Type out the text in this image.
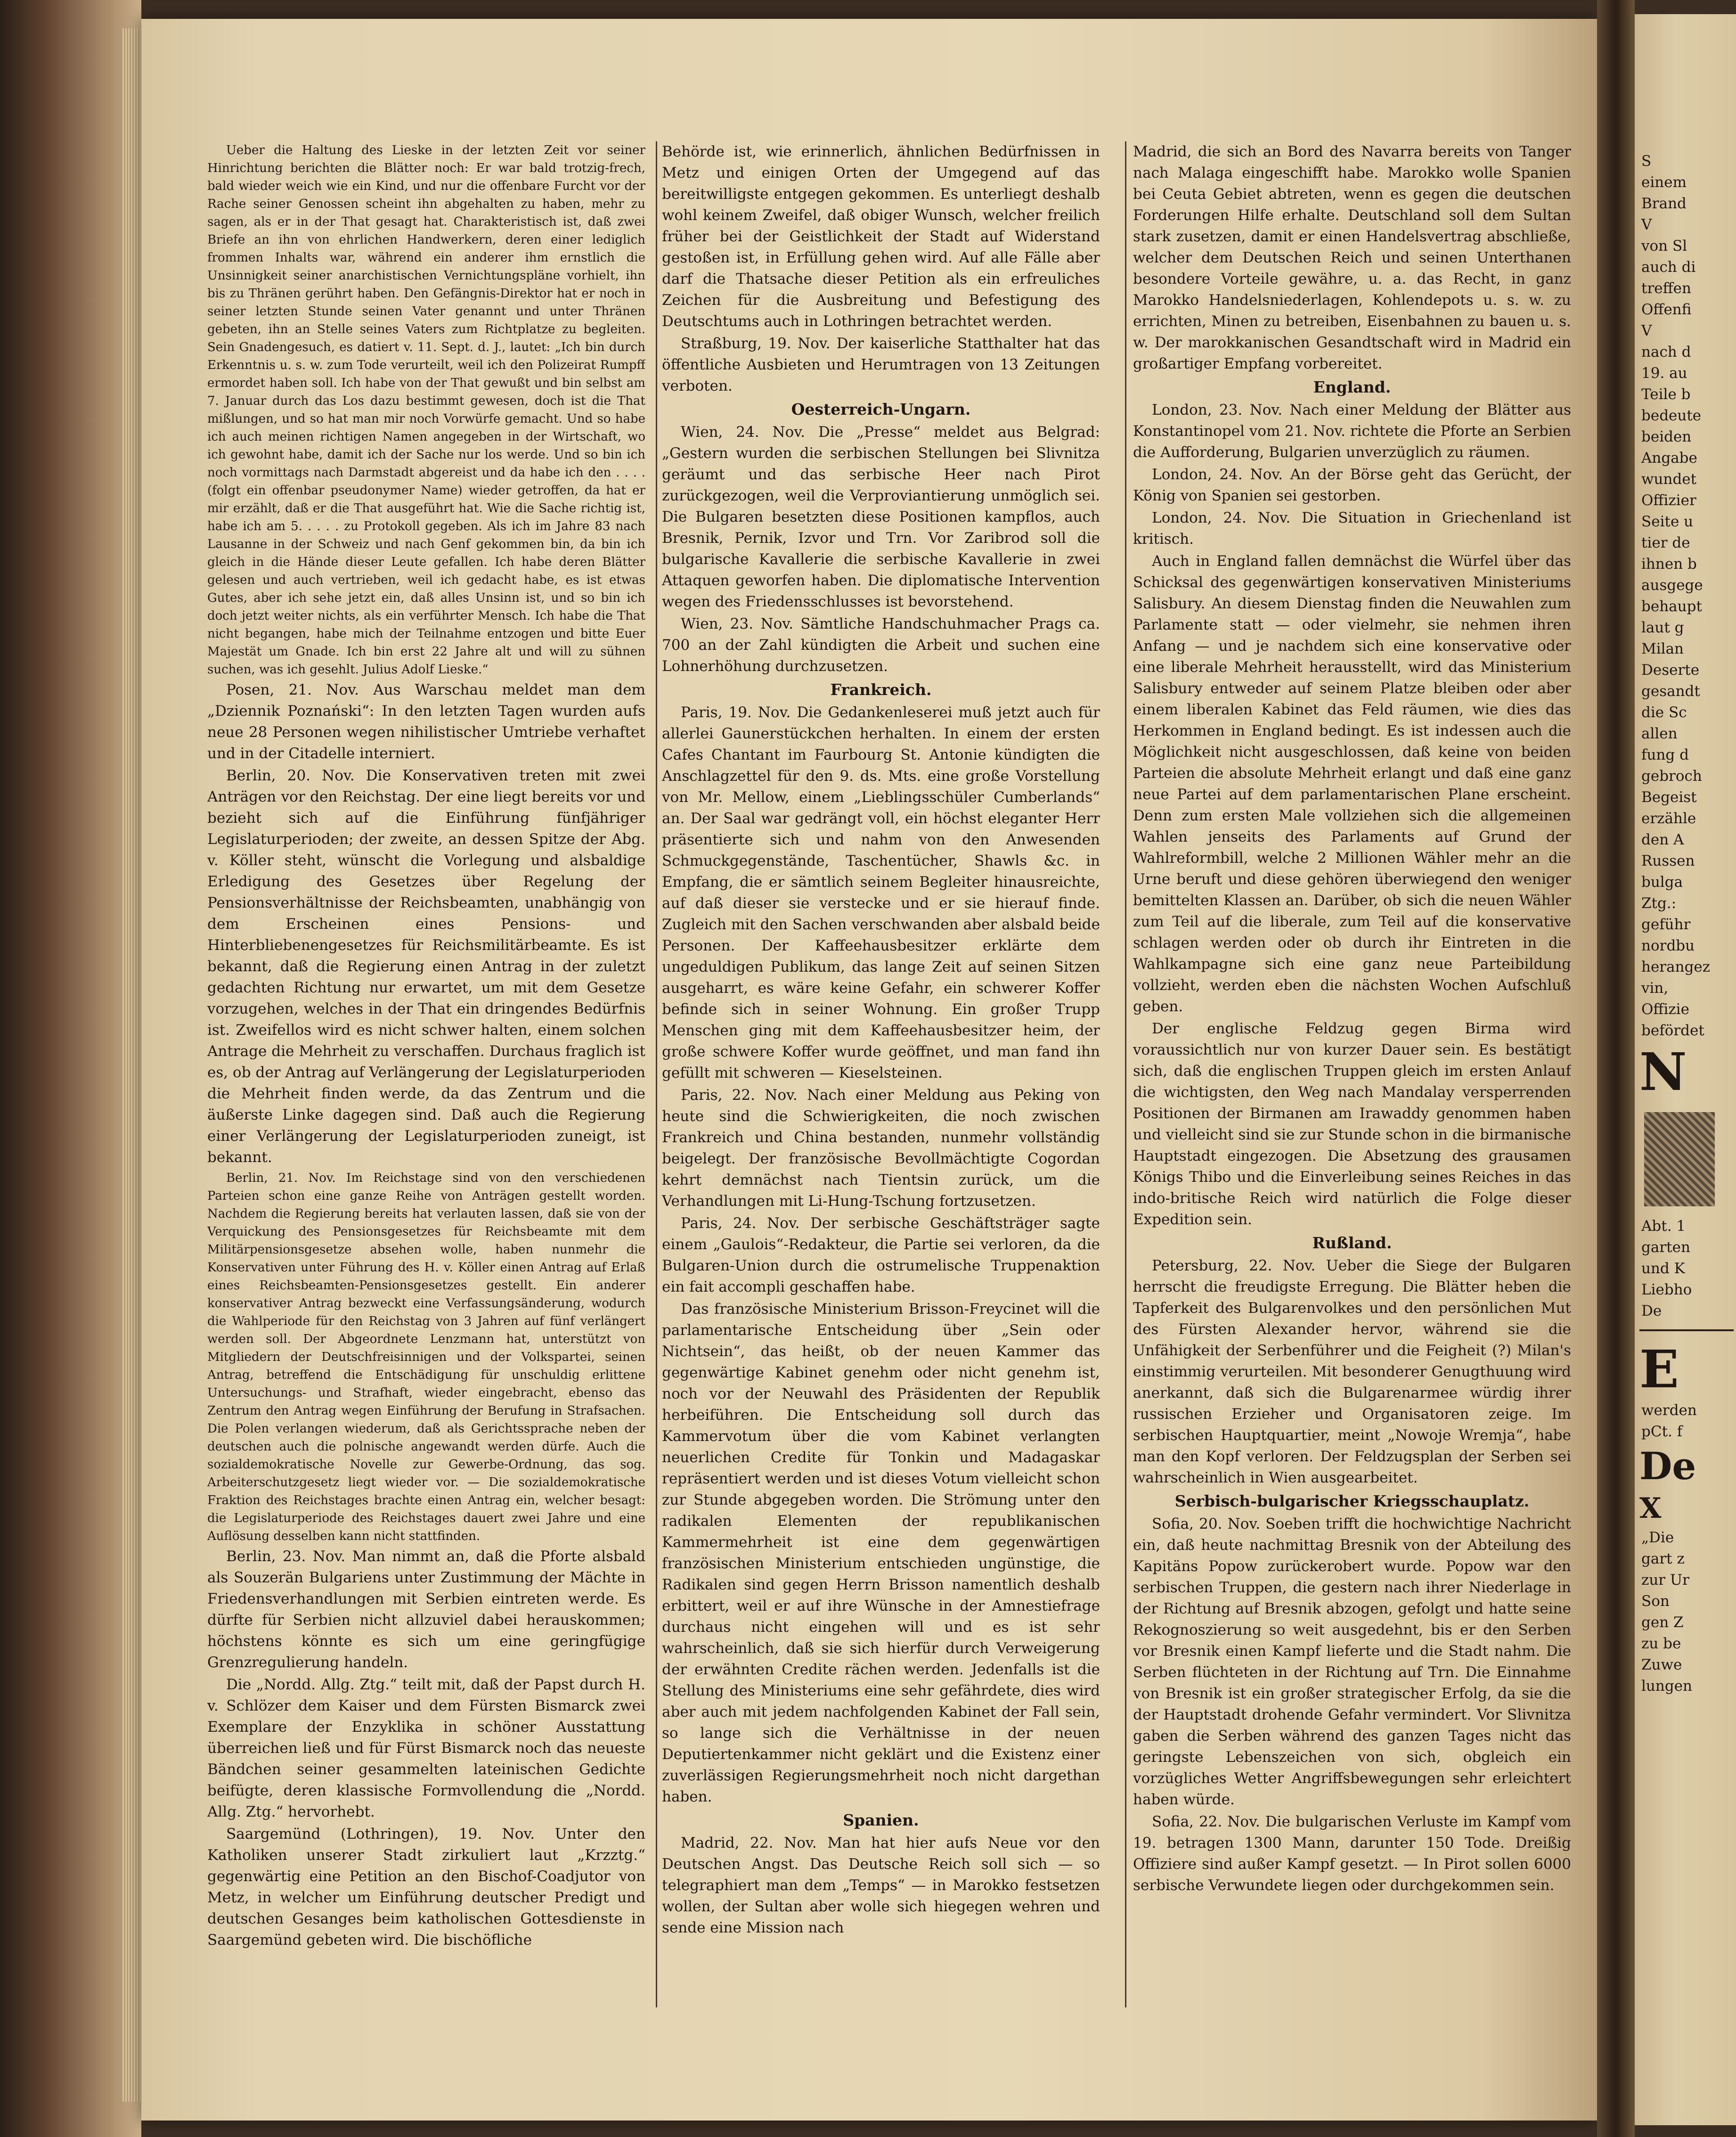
Ueber die Haltung des Lieske in der letzten Zeit vor seiner Hinrichtung berichten die Blätter noch: Er war bald trotzig-frech, bald wieder weich wie ein Kind, und nur die offenbare Furcht vor der Rache seiner Genossen scheint ihn abgehalten zu haben, mehr zu sagen, als er in der That gesagt hat. Charakteristisch ist, daß zwei Briefe an ihn von ehrlichen Handwerkern, deren einer lediglich frommen Inhalts war, während ein anderer ihm ernstlich die Unsinnigkeit seiner anarchistischen Vernichtungspläne vorhielt, ihn bis zu Thränen gerührt haben. Den Gefängnis-Direktor hat er noch in seiner letzten Stunde seinen Vater genannt und unter Thränen gebeten, ihn an Stelle seines Vaters zum Richtplatze zu begleiten. Sein Gnadengesuch, es datiert v. 11. Sept. d. J., lautet: „Ich bin durch Erkenntnis u. s. w. zum Tode verurteilt, weil ich den Polizeirat Rumpff ermordet haben soll. Ich habe von der That gewußt und bin selbst am 7. Januar durch das Los dazu bestimmt gewesen, doch ist die That mißlungen, und so hat man mir noch Vorwürfe gemacht. Und so habe ich auch meinen richtigen Namen angegeben in der Wirtschaft, wo ich gewohnt habe, damit ich der Sache nur los werde. Und so bin ich noch vormittags nach Darmstadt abgereist und da habe ich den . . . . (folgt ein offenbar pseudonymer Name) wieder getroffen, da hat er mir erzählt, daß er die That ausgeführt hat. Wie die Sache richtig ist, habe ich am 5. . . . . zu Protokoll gegeben. Als ich im Jahre 83 nach Lausanne in der Schweiz und nach Genf gekommen bin, da bin ich gleich in die Hände dieser Leute gefallen. Ich habe deren Blätter gelesen und auch vertrieben, weil ich gedacht habe, es ist etwas Gutes, aber ich sehe jetzt ein, daß alles Unsinn ist, und so bin ich doch jetzt weiter nichts, als ein verführter Mensch. Ich habe die That nicht begangen, habe mich der Teilnahme entzogen und bitte Euer Majestät um Gnade. Ich bin erst 22 Jahre alt und will zu sühnen suchen, was ich gesehlt. Julius Adolf Lieske.“

Posen, 21. Nov. Aus Warschau meldet man dem „Dziennik Poznański“: In den letzten Tagen wurden aufs neue 28 Personen wegen nihilistischer Umtriebe verhaftet und in der Citadelle interniert.

Berlin, 20. Nov. Die Konservativen treten mit zwei Anträgen vor den Reichstag. Der eine liegt bereits vor und bezieht sich auf die Einführung fünfjähriger Legislaturperioden; der zweite, an dessen Spitze der Abg. v. Köller steht, wünscht die Vorlegung und alsbaldige Erledigung des Gesetzes über Regelung der Pensionsverhältnisse der Reichsbeamten, unabhängig von dem Erscheinen eines Pensions- und Hinterbliebenengesetzes für Reichsmilitärbeamte. Es ist bekannt, daß die Regierung einen Antrag in der zuletzt gedachten Richtung nur erwartet, um mit dem Gesetze vorzugehen, welches in der That ein dringendes Bedürfnis ist. Zweifellos wird es nicht schwer halten, einem solchen Antrage die Mehrheit zu verschaffen. Durchaus fraglich ist es, ob der Antrag auf Verlängerung der Legislaturperioden die Mehrheit finden werde, da das Zentrum und die äußerste Linke dagegen sind. Daß auch die Regierung einer Verlängerung der Legislaturperioden zuneigt, ist bekannt.

Berlin, 21. Nov. Im Reichstage sind von den verschiedenen Parteien schon eine ganze Reihe von Anträgen gestellt worden. Nachdem die Regierung bereits hat verlauten lassen, daß sie von der Verquickung des Pensionsgesetzes für Reichsbeamte mit dem Militärpensionsgesetze absehen wolle, haben nunmehr die Konservativen unter Führung des H. v. Köller einen Antrag auf Erlaß eines Reichsbeamten-Pensionsgesetzes gestellt. Ein anderer konservativer Antrag bezweckt eine Verfassungsänderung, wodurch die Wahlperiode für den Reichstag von 3 Jahren auf fünf verlängert werden soll. Der Abgeordnete Lenzmann hat, unterstützt von Mitgliedern der Deutschfreisinnigen und der Volkspartei, seinen Antrag, betreffend die Entschädigung für unschuldig erlittene Untersuchungs- und Strafhaft, wieder eingebracht, ebenso das Zentrum den Antrag wegen Einführung der Berufung in Strafsachen. Die Polen verlangen wiederum, daß als Gerichtssprache neben der deutschen auch die polnische angewandt werden dürfe. Auch die sozialdemokratische Novelle zur Gewerbe-Ordnung, das sog. Arbeiterschutzgesetz liegt wieder vor. — Die sozialdemokratische Fraktion des Reichstages brachte einen Antrag ein, welcher besagt: die Legislaturperiode des Reichstages dauert zwei Jahre und eine Auflösung desselben kann nicht stattfinden.

Berlin, 23. Nov. Man nimmt an, daß die Pforte alsbald als Souzerän Bulgariens unter Zustimmung der Mächte in Friedensverhandlungen mit Serbien eintreten werde. Es dürfte für Serbien nicht allzuviel dabei herauskommen; höchstens könnte es sich um eine geringfügige Grenzregulierung handeln.

Die „Nordd. Allg. Ztg.“ teilt mit, daß der Papst durch H. v. Schlözer dem Kaiser und dem Fürsten Bismarck zwei Exemplare der Enzyklika in schöner Ausstattung überreichen ließ und für Fürst Bismarck noch das neueste Bändchen seiner gesammelten lateinischen Gedichte beifügte, deren klassische Formvollendung die „Nordd. Allg. Ztg.“ hervorhebt.

Saargemünd (Lothringen), 19. Nov. Unter den Katholiken unserer Stadt zirkuliert laut „Krzztg.“ gegenwärtig eine Petition an den Bischof-Coadjutor von Metz, in welcher um Einführung deutscher Predigt und deutschen Gesanges beim katholischen Gottesdienste in Saargemünd gebeten wird. Die bischöfliche

Behörde ist, wie erinnerlich, ähnlichen Bedürfnissen in Metz und einigen Orten der Umgegend auf das bereitwilligste entgegen gekommen. Es unterliegt deshalb wohl keinem Zweifel, daß obiger Wunsch, welcher freilich früher bei der Geistlichkeit der Stadt auf Widerstand gestoßen ist, in Erfüllung gehen wird. Auf alle Fälle aber darf die Thatsache dieser Petition als ein erfreuliches Zeichen für die Ausbreitung und Befestigung des Deutschtums auch in Lothringen betrachtet werden.

Straßburg, 19. Nov. Der kaiserliche Statthalter hat das öffentliche Ausbieten und Herumtragen von 13 Zeitungen verboten.

Oesterreich-Ungarn.

Wien, 24. Nov. Die „Presse“ meldet aus Belgrad: „Gestern wurden die serbischen Stellungen bei Slivnitza geräumt und das serbische Heer nach Pirot zurückgezogen, weil die Verproviantierung unmöglich sei. Die Bulgaren besetzten diese Positionen kampflos, auch Bresnik, Pernik, Izvor und Trn. Vor Zaribrod soll die bulgarische Kavallerie die serbische Kavallerie in zwei Attaquen geworfen haben. Die diplomatische Intervention wegen des Friedensschlusses ist bevorstehend.

Wien, 23. Nov. Sämtliche Handschuhmacher Prags ca. 700 an der Zahl kündigten die Arbeit und suchen eine Lohnerhöhung durchzusetzen.

Frankreich.

Paris, 19. Nov. Die Gedankenleserei muß jetzt auch für allerlei Gaunerstückchen herhalten. In einem der ersten Cafes Chantant im Faurbourg St. Antonie kündigten die Anschlagzettel für den 9. ds. Mts. eine große Vorstellung von Mr. Mellow, einem „Lieblingsschüler Cumberlands“ an. Der Saal war gedrängt voll, ein höchst eleganter Herr präsentierte sich und nahm von den Anwesenden Schmuckgegenstände, Taschentücher, Shawls &c. in Empfang, die er sämtlich seinem Begleiter hinausreichte, auf daß dieser sie verstecke und er sie hierauf finde. Zugleich mit den Sachen verschwanden aber alsbald beide Personen. Der Kaffeehausbesitzer erklärte dem ungeduldigen Publikum, das lange Zeit auf seinen Sitzen ausgeharrt, es wäre keine Gefahr, ein schwerer Koffer befinde sich in seiner Wohnung. Ein großer Trupp Menschen ging mit dem Kaffeehausbesitzer heim, der große schwere Koffer wurde geöffnet, und man fand ihn gefüllt mit schweren — Kieselsteinen.

Paris, 22. Nov. Nach einer Meldung aus Peking von heute sind die Schwierigkeiten, die noch zwischen Frankreich und China bestanden, nunmehr vollständig beigelegt. Der französische Bevollmächtigte Cogordan kehrt demnächst nach Tientsin zurück, um die Verhandlungen mit Li-Hung-Tschung fortzusetzen.

Paris, 24. Nov. Der serbische Geschäftsträger sagte einem „Gaulois“-Redakteur, die Partie sei verloren, da die Bulgaren-Union durch die ostrumelische Truppenaktion ein fait accompli geschaffen habe.

Das französische Ministerium Brisson-Freycinet will die parlamentarische Entscheidung über „Sein oder Nichtsein“, das heißt, ob der neuen Kammer das gegenwärtige Kabinet genehm oder nicht genehm ist, noch vor der Neuwahl des Präsidenten der Republik herbeiführen. Die Entscheidung soll durch das Kammervotum über die vom Kabinet verlangten neuerlichen Credite für Tonkin und Madagaskar repräsentiert werden und ist dieses Votum vielleicht schon zur Stunde abgegeben worden. Die Strömung unter den radikalen Elementen der republikanischen Kammermehrheit ist eine dem gegenwärtigen französischen Ministerium entschieden ungünstige, die Radikalen sind gegen Herrn Brisson namentlich deshalb erbittert, weil er auf ihre Wünsche in der Amnestiefrage durchaus nicht eingehen will und es ist sehr wahrscheinlich, daß sie sich hierfür durch Verweigerung der erwähnten Credite rächen werden. Jedenfalls ist die Stellung des Ministeriums eine sehr gefährdete, dies wird aber auch mit jedem nachfolgenden Kabinet der Fall sein, so lange sich die Verhältnisse in der neuen Deputiertenkammer nicht geklärt und die Existenz einer zuverlässigen Regierungsmehrheit noch nicht dargethan haben.

Spanien.

Madrid, 22. Nov. Man hat hier aufs Neue vor den Deutschen Angst. Das Deutsche Reich soll sich — so telegraphiert man dem „Temps“ — in Marokko festsetzen wollen, der Sultan aber wolle sich hiegegen wehren und sende eine Mission nach

Madrid, die sich an Bord des Navarra bereits von Tanger nach Malaga eingeschifft habe. Marokko wolle Spanien bei Ceuta Gebiet abtreten, wenn es gegen die deutschen Forderungen Hilfe erhalte. Deutschland soll dem Sultan stark zusetzen, damit er einen Handelsvertrag abschließe, welcher dem Deutschen Reich und seinen Unterthanen besondere Vorteile gewähre, u. a. das Recht, in ganz Marokko Handelsniederlagen, Kohlendepots u. s. w. zu errichten, Minen zu betreiben, Eisenbahnen zu bauen u. s. w. Der marokkanischen Gesandtschaft wird in Madrid ein großartiger Empfang vorbereitet.

England.

London, 23. Nov. Nach einer Meldung der Blätter aus Konstantinopel vom 21. Nov. richtete die Pforte an Serbien die Aufforderung, Bulgarien unverzüglich zu räumen.

London, 24. Nov. An der Börse geht das Gerücht, der König von Spanien sei gestorben.

London, 24. Nov. Die Situation in Griechenland ist kritisch.

Auch in England fallen demnächst die Würfel über das Schicksal des gegenwärtigen konservativen Ministeriums Salisbury. An diesem Dienstag finden die Neuwahlen zum Parlamente statt — oder vielmehr, sie nehmen ihren Anfang — und je nachdem sich eine konservative oder eine liberale Mehrheit herausstellt, wird das Ministerium Salisbury entweder auf seinem Platze bleiben oder aber einem liberalen Kabinet das Feld räumen, wie dies das Herkommen in England bedingt. Es ist indessen auch die Möglichkeit nicht ausgeschlossen, daß keine von beiden Parteien die absolute Mehrheit erlangt und daß eine ganz neue Partei auf dem parlamentarischen Plane erscheint. Denn zum ersten Male vollziehen sich die allgemeinen Wahlen jenseits des Parlaments auf Grund der Wahlreformbill, welche 2 Millionen Wähler mehr an die Urne beruft und diese gehören überwiegend den weniger bemittelten Klassen an. Darüber, ob sich die neuen Wähler zum Teil auf die liberale, zum Teil auf die konservative schlagen werden oder ob durch ihr Eintreten in die Wahlkampagne sich eine ganz neue Parteibildung vollzieht, werden eben die nächsten Wochen Aufschluß geben.

Der englische Feldzug gegen Birma wird voraussichtlich nur von kurzer Dauer sein. Es bestätigt sich, daß die englischen Truppen gleich im ersten Anlauf die wichtigsten, den Weg nach Mandalay versperrenden Positionen der Birmanen am Irawaddy genommen haben und vielleicht sind sie zur Stunde schon in die birmanische Hauptstadt eingezogen. Die Absetzung des grausamen Königs Thibo und die Einverleibung seines Reiches in das indo-britische Reich wird natürlich die Folge dieser Expedition sein.

Rußland.

Petersburg, 22. Nov. Ueber die Siege der Bulgaren herrscht die freudigste Erregung. Die Blätter heben die Tapferkeit des Bulgarenvolkes und den persönlichen Mut des Fürsten Alexander hervor, während sie die Unfähigkeit der Serbenführer und die Feigheit (?) Milan's einstimmig verurteilen. Mit besonderer Genugthuung wird anerkannt, daß sich die Bulgarenarmee würdig ihrer russischen Erzieher und Organisatoren zeige. Im serbischen Hauptquartier, meint „Nowoje Wremja“, habe man den Kopf verloren. Der Feldzugsplan der Serben sei wahrscheinlich in Wien ausgearbeitet.

Serbisch-bulgarischer Kriegsschauplatz.

Sofia, 20. Nov. Soeben trifft die hochwichtige Nachricht ein, daß heute nachmittag Bresnik von der Abteilung des Kapitäns Popow zurückerobert wurde. Popow war den serbischen Truppen, die gestern nach ihrer Niederlage in der Richtung auf Bresnik abzogen, gefolgt und hatte seine Rekognoszierung so weit ausgedehnt, bis er den Serben vor Bresnik einen Kampf lieferte und die Stadt nahm. Die Serben flüchteten in der Richtung auf Trn. Die Einnahme von Bresnik ist ein großer strategischer Erfolg, da sie die der Hauptstadt drohende Gefahr vermindert. Vor Slivnitza gaben die Serben während des ganzen Tages nicht das geringste Lebenszeichen von sich, obgleich ein vorzügliches Wetter Angriffsbewegungen sehr erleichtert haben würde.

Sofia, 22. Nov. Die bulgarischen Verluste im Kampf vom 19. betragen 1300 Mann, darunter 150 Tode. Dreißig Offiziere sind außer Kampf gesetzt. — In Pirot sollen 6000 serbische Verwundete liegen oder durchgekommen sein.

S
einem
Brand
V
von Sl
auch di
treffen
Offenfi
V
nach d
19. au
Teile b
bedeute
beiden
Angabe
wundet
Offizier
Seite u
tier de
ihnen b
ausgege
behaupt
laut g
Milan
Deserte
gesandt
die Sc
allen
fung d
gebroch
Begeist
erzähle
den A
Russen
bulga
Ztg.:
geführ
nordbu
herangez
vin,
Offizie
befördet
N
Abt. 1
garten
und K
Liebho
De
E
werden
pCt. f
De
X
„Die
gart z
zur Ur
Son
gen Z
zu be
Zuwe
lungen
